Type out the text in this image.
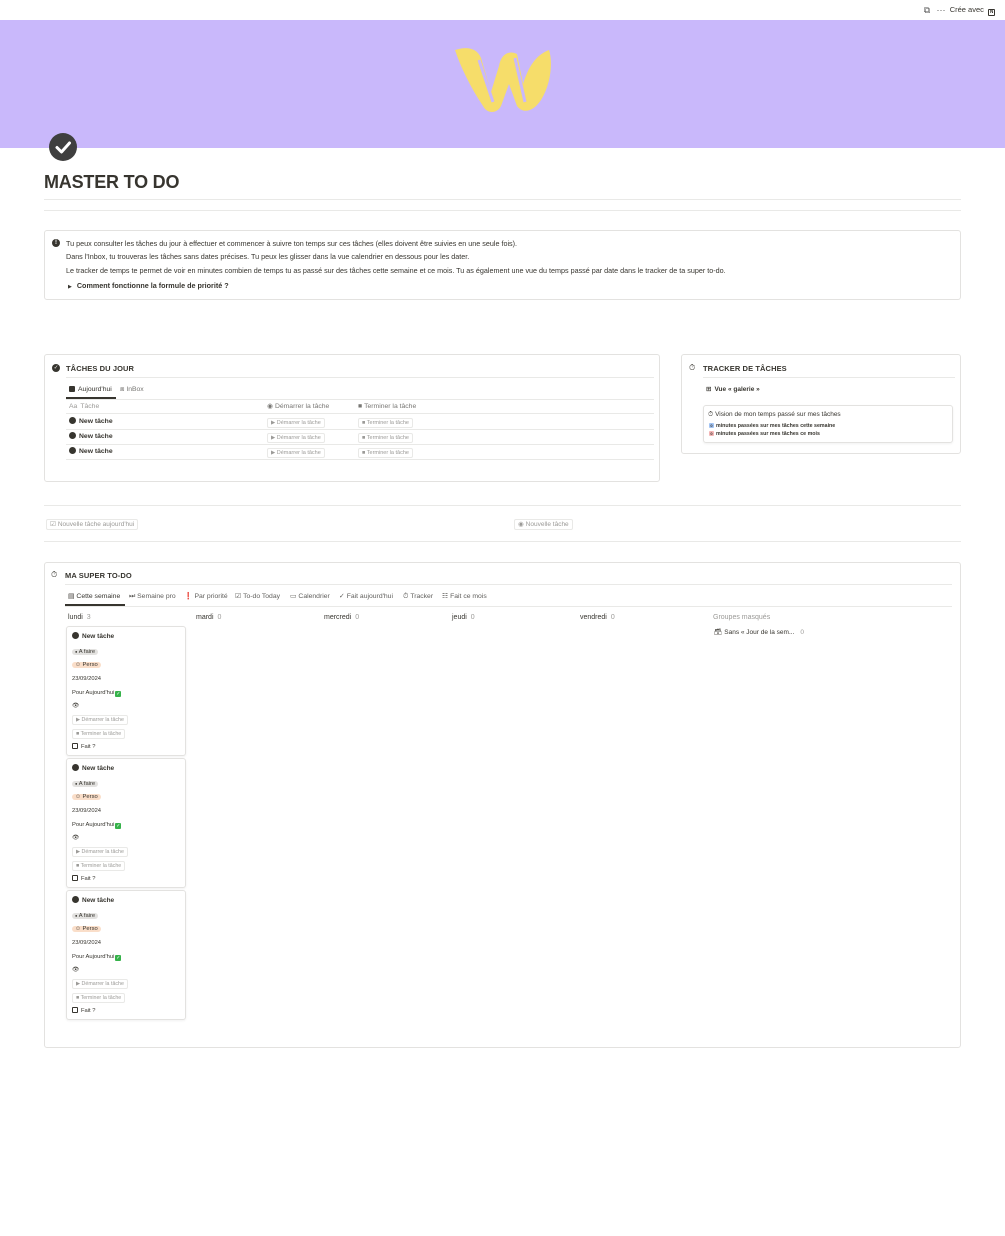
⧉ ··· Crée avec N
MASTER TO DO
!	Tu peux consulter les tâches du jour à effectuer et commencer à suivre ton temps sur ces tâches (elles doivent être suivies en une seule fois).
Dans l'Inbox, tu trouveras les tâches sans dates précises. Tu peux les glisser dans la vue calendrier en dessous pour les dater.
Le tracker de temps te permet de voir en minutes combien de temps tu as passé sur des tâches cette semaine et ce mois. Tu as également une vue du temps passé par date dans le tracker de ta super to-do.
▶ Comment fonctionne la formule de priorité ?
✓ TÂCHES DU JOUR
Aujourd'hui ⧈ InBox
Aa Tâche	◉ Démarrer la tâche	■ Terminer la tâche
New tâche	▶ Démarrer la tâche	■ Terminer la tâche
New tâche	▶ Démarrer la tâche	■ Terminer la tâche
New tâche	▶ Démarrer la tâche	■ Terminer la tâche
⏱ TRACKER DE TÂCHES
⊞ Vue « galerie »
⏱ Vision de mon temps passé sur mes tâches
0 minutes passées sur mes tâches cette semaine
0 minutes passées sur mes tâches ce mois
☑ Nouvelle tâche aujourd'hui	◉ Nouvelle tâche
⏱ MA SUPER TO-DO
▤ Cette semaine ⏭ Semaine pro ❗ Par priorité ☑ To-do Today ▭ Calendrier ✓ Fait aujourd'hui ⏱ Tracker ☷ Fait ce mois
lundi 3	mardi 0	mercredi 0	jeudi 0	vendredi 0	Groupes masqués
🗃 Sans « Jour de la sem... 0
New tâche
● A faire
☺ Perso
23/09/2024
Pour Aujourd'hui ✓
👁
▶ Démarrer la tâche
■ Terminer la tâche
Fait ?
New tâche
● A faire
☺ Perso
23/09/2024
Pour Aujourd'hui ✓
👁
▶ Démarrer la tâche
■ Terminer la tâche
Fait ?
New tâche
● A faire
☺ Perso
23/09/2024
Pour Aujourd'hui ✓
👁
▶ Démarrer la tâche
■ Terminer la tâche
Fait ?
